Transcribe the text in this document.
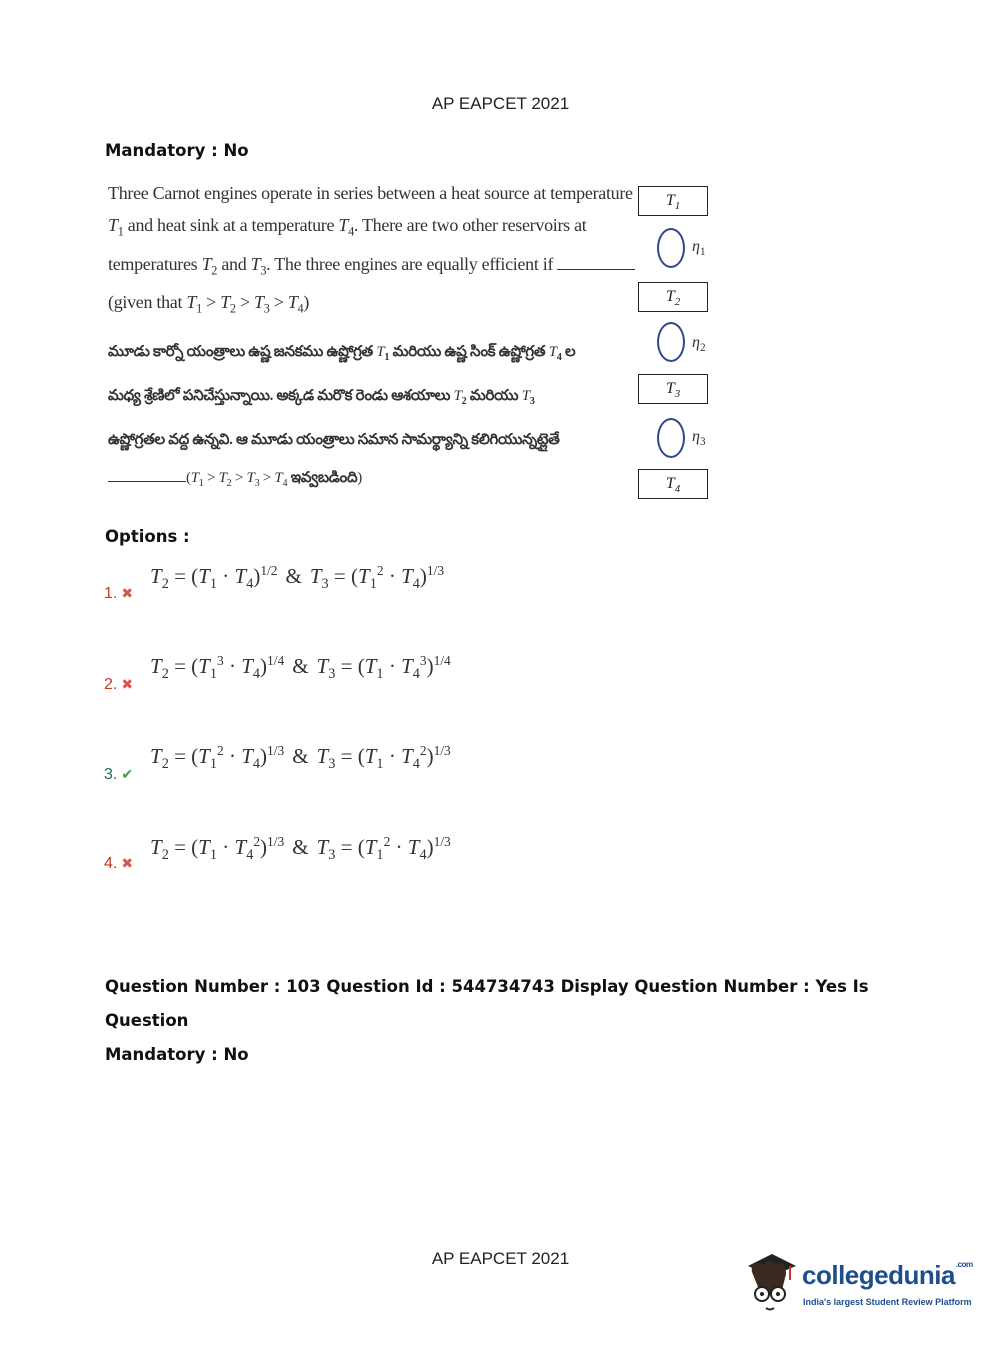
AP EAPCET 2021
Mandatory : No
Three Carnot engines operate in series between a heat source at temperature
$T_1$ and heat sink at a temperature $T_4$. There are two other reservoirs at
temperatures $T_2$ and $T_3$. The three engines are equally efficient if
(given that $T_1 > T_2 > T_3 > T_4$)
మూడు కార్నో యంత్రాలు ఉష్ణ జనకము ఉష్ణోగ్రత $T_1$ మరియు ఉష్ణ సింక్ ఉష్ణోగ్రత $T_4$ ల
మధ్య శ్రేణిలో పనిచేస్తున్నాయి. అక్కడ మరొక రెండు ఆశయాలు $T_2$ మరియు $T_3$
ఉష్ణోగ్రతల వద్ద ఉన్నవి. ఆ మూడు యంత్రాలు సమాన సామర్థ్యాన్ని కలిగియున్నట్లైతే
($T_1 > T_2 > T_3 > T_4$ ఇవ్వబడింది)
$T_1$
$\eta_1$
$T_2$
$\eta_2$
$T_3$
$\eta_3$
$T_4$
Options :
1. ✖
$T_2 = (T_1 \cdot T_4)^{1/2}$ & $T_3 = (T_1^2 \cdot T_4)^{1/3}$
2. ✖
$T_2 = (T_1^3 \cdot T_4)^{1/4}$ & $T_3 = (T_1 \cdot T_4^3)^{1/4}$
3. ✔
$T_2 = (T_1^2 \cdot T_4)^{1/3}$ & $T_3 = (T_1 \cdot T_4^2)^{1/3}$
4. ✖
$T_2 = (T_1 \cdot T_4^2)^{1/3}$ & $T_3 = (T_1^2 \cdot T_4)^{1/3}$
Question Number : 103 Question Id : 544734743 Display Question Number : Yes Is Question
Mandatory : No
AP EAPCET 2021
collegedunia$^{.com}$
India's largest Student Review Platform
